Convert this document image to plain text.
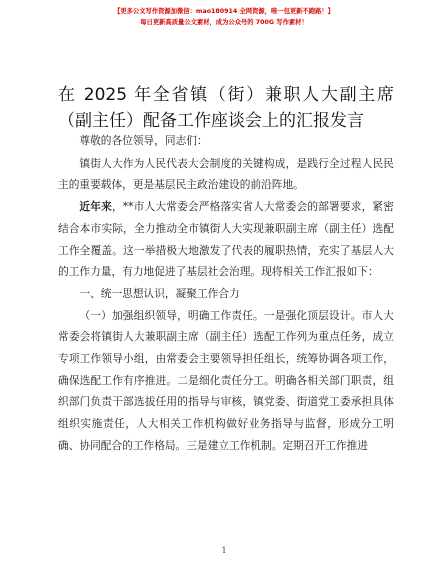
【更多公文写作资源加微信：mao180914 全网资源，唯一包更新不跑路！】
每日更新高质量公文素材，成为公众号的 700G 写作素材！
在 2025 年全省镇（街）兼职人大副主席（副主任）配备工作座谈会上的汇报发言

尊敬的各位领导，同志们：

镇街人大作为人民代表大会制度的关键构成，是践行全过程人民民主的重要载体，更是基层民主政治建设的前沿阵地。

近年来，**市人大常委会严格落实省人大常委会的部署要求，紧密结合本市实际，全力推动全市镇街人大实现兼职副主席（副主任）选配工作全覆盖。这一举措极大地激发了代表的履职热情，充实了基层人大的工作力量，有力地促进了基层社会治理。现将相关工作汇报如下：

一、统一思想认识，凝聚工作合力

（一）加强组织领导，明确工作责任。一是强化顶层设计。市人大常委会将镇街人大兼职副主席（副主任）选配工作列为重点任务，成立专项工作领导小组，由常委会主要领导担任组长，统筹协调各项工作，确保选配工作有序推进。二是细化责任分工。明确各相关部门职责，组织部门负责干部选拔任用的指导与审核，镇党委、街道党工委承担具体组织实施责任，人大相关工作机构做好业务指导与监督，形成分工明确、协同配合的工作格局。三是建立工作机制。定期召开工作推进

1
